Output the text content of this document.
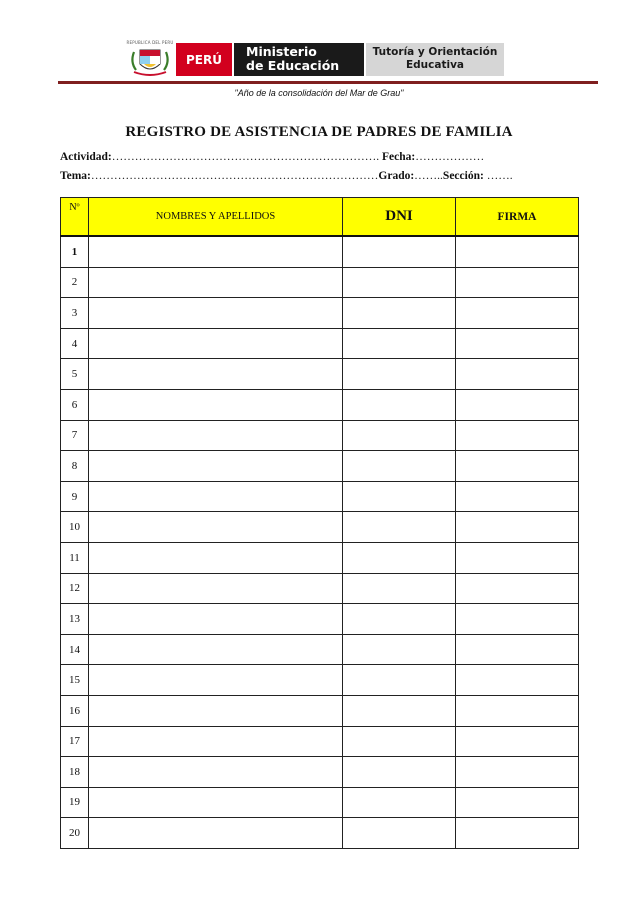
REPUBLICA DEL PERU
PERÚ
Ministerio
de Educación
Tutoría y Orientación
Educativa
"Año de la consolidación del Mar de Grau"
REGISTRO DE ASISTENCIA DE PADRES DE FAMILIA
Actividad:……………………………………………………………. Fecha:………………
Tema:…………………………………………………………………Grado:……..Sección: …….
Nº	NOMBRES Y APELLIDOS	DNI	FIRMA
1			
2			
3			
4			
5			
6			
7			
8			
9			
10			
11			
12			
13			
14			
15			
16			
17			
18			
19			
20			
